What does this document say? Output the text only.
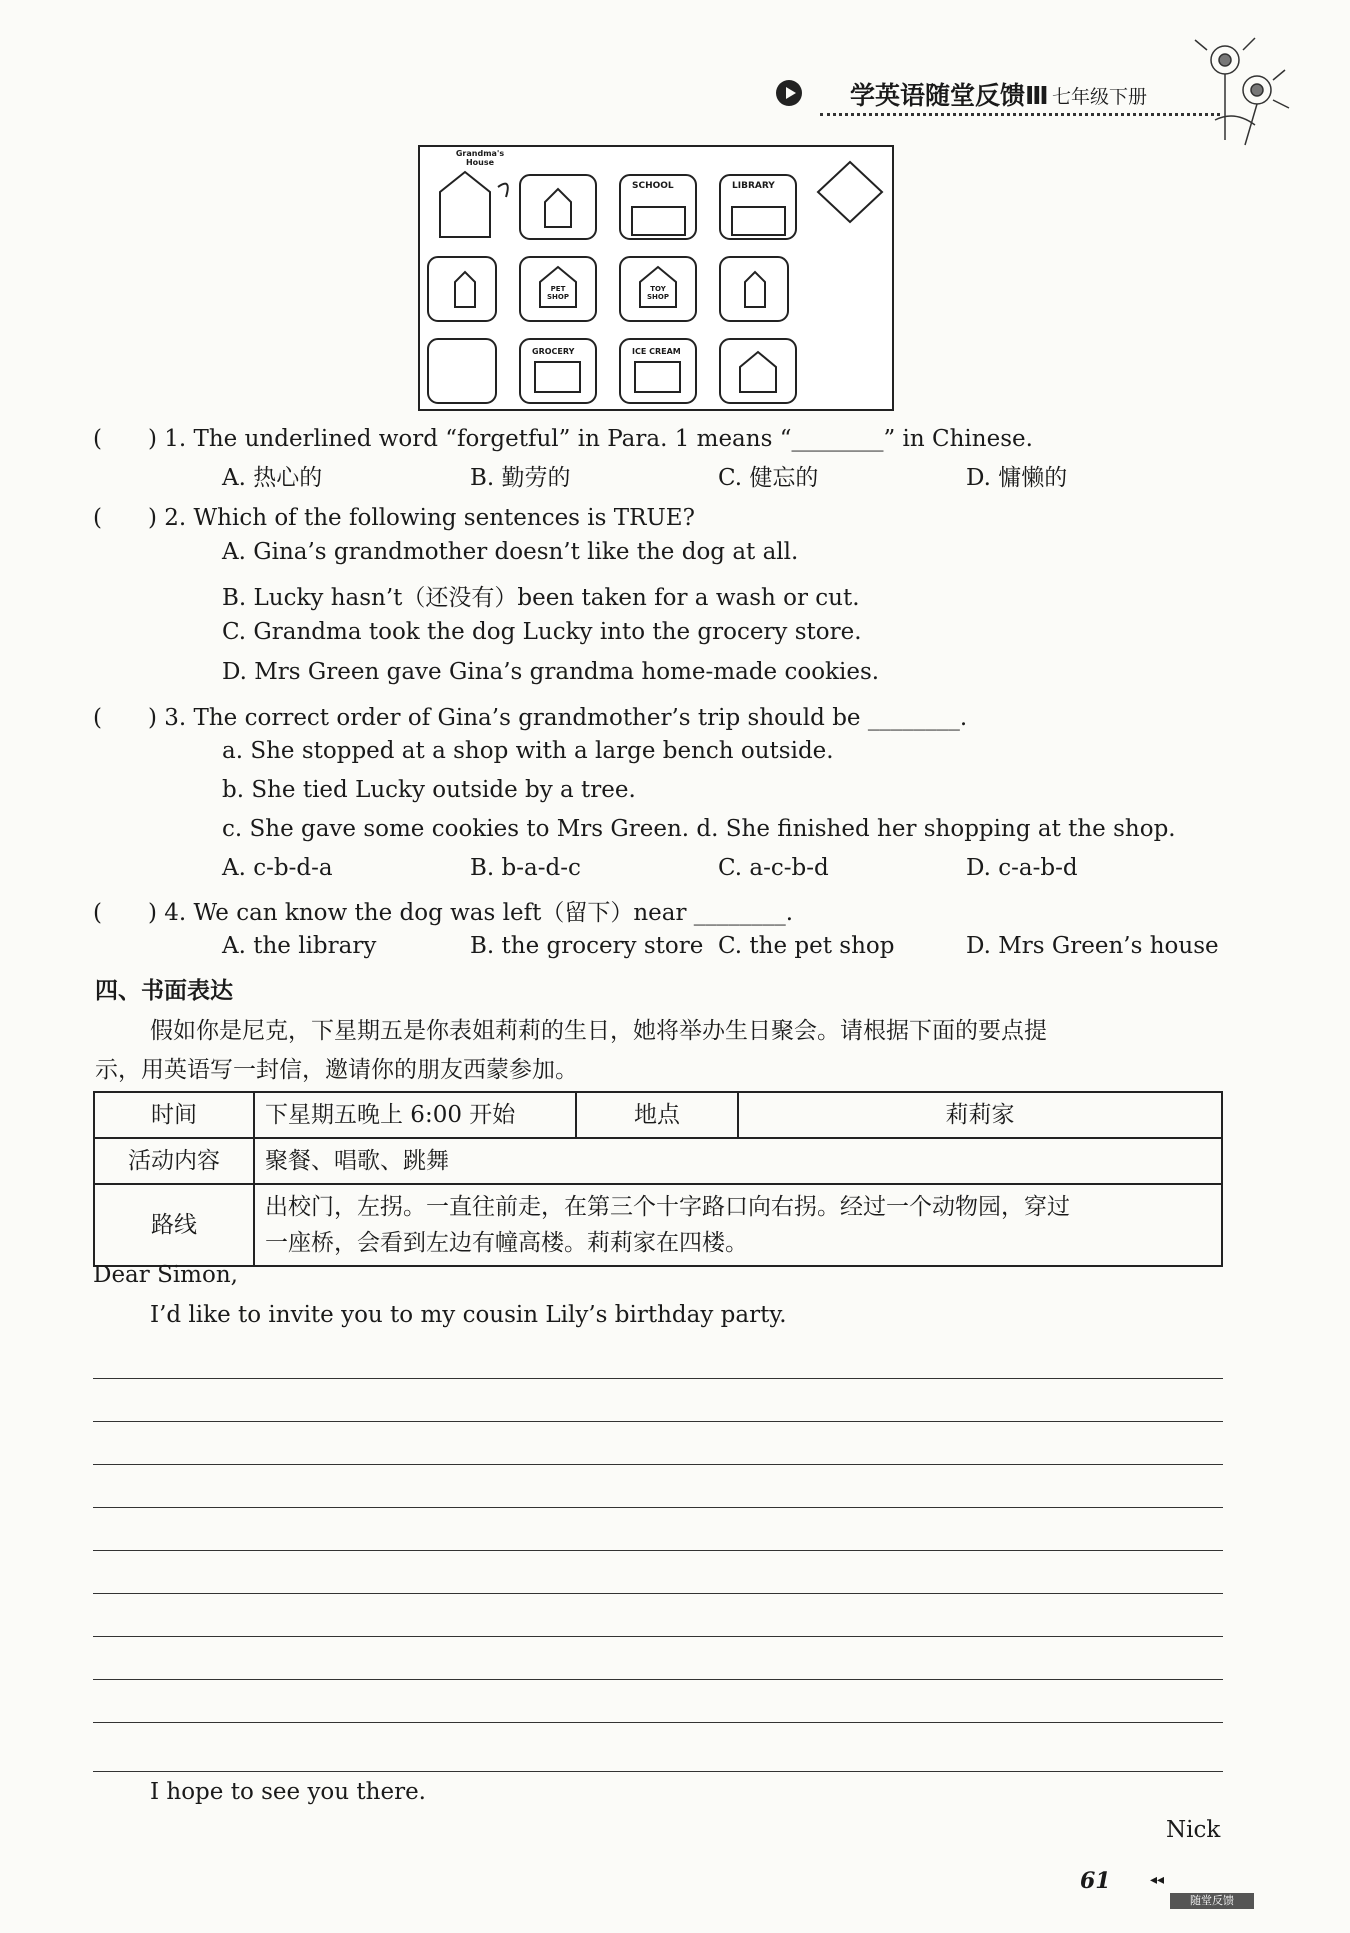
学英语随堂反馈Ⅲ 七年级下册
Grandma's House
SCHOOL	LIBRARY
PET SHOP
TOY SHOP
GROCERY	ICE CREAM
(　　) 1. The underlined word “forgetful” in Para. 1 means “________” in Chinese.
A. 热心的	B. 勤劳的	C. 健忘的	D. 慵懒的
(　　) 2. Which of the following sentences is TRUE?
A. Gina’s grandmother doesn’t like the dog at all.
B. Lucky hasn’t（还没有）been taken for a wash or cut.
C. Grandma took the dog Lucky into the grocery store.
D. Mrs Green gave Gina’s grandma home-made cookies.
(　　) 3. The correct order of Gina’s grandmother’s trip should be ________.
a. She stopped at a shop with a large bench outside.
b. She tied Lucky outside by a tree.
c. She gave some cookies to Mrs Green. d. She finished her shopping at the shop.
A. c-b-d-a	B. b-a-d-c	C. a-c-b-d	D. c-a-b-d
(　　) 4. We can know the dog was left（留下）near ________.
A. the library	B. the grocery store C. the pet shop	D. Mrs Green’s house
四、书面表达
假如你是尼克，下星期五是你表姐莉莉的生日，她将举办生日聚会。请根据下面的要点提
示，用英语写一封信，邀请你的朋友西蒙参加。
时间	下星期五晚上 6:00 开始	地点	莉莉家
活动内容	聚餐、唱歌、跳舞		
路线	出校门，左拐。一直往前走，在第三个十字路口向右拐。经过一个动物园，穿过
一座桥，会看到左边有幢高楼。莉莉家在四楼。		
Dear Simon,
I’d like to invite you to my cousin Lily’s birthday party.
I hope to see you there.
Nick
61	◂◂
随堂反馈
